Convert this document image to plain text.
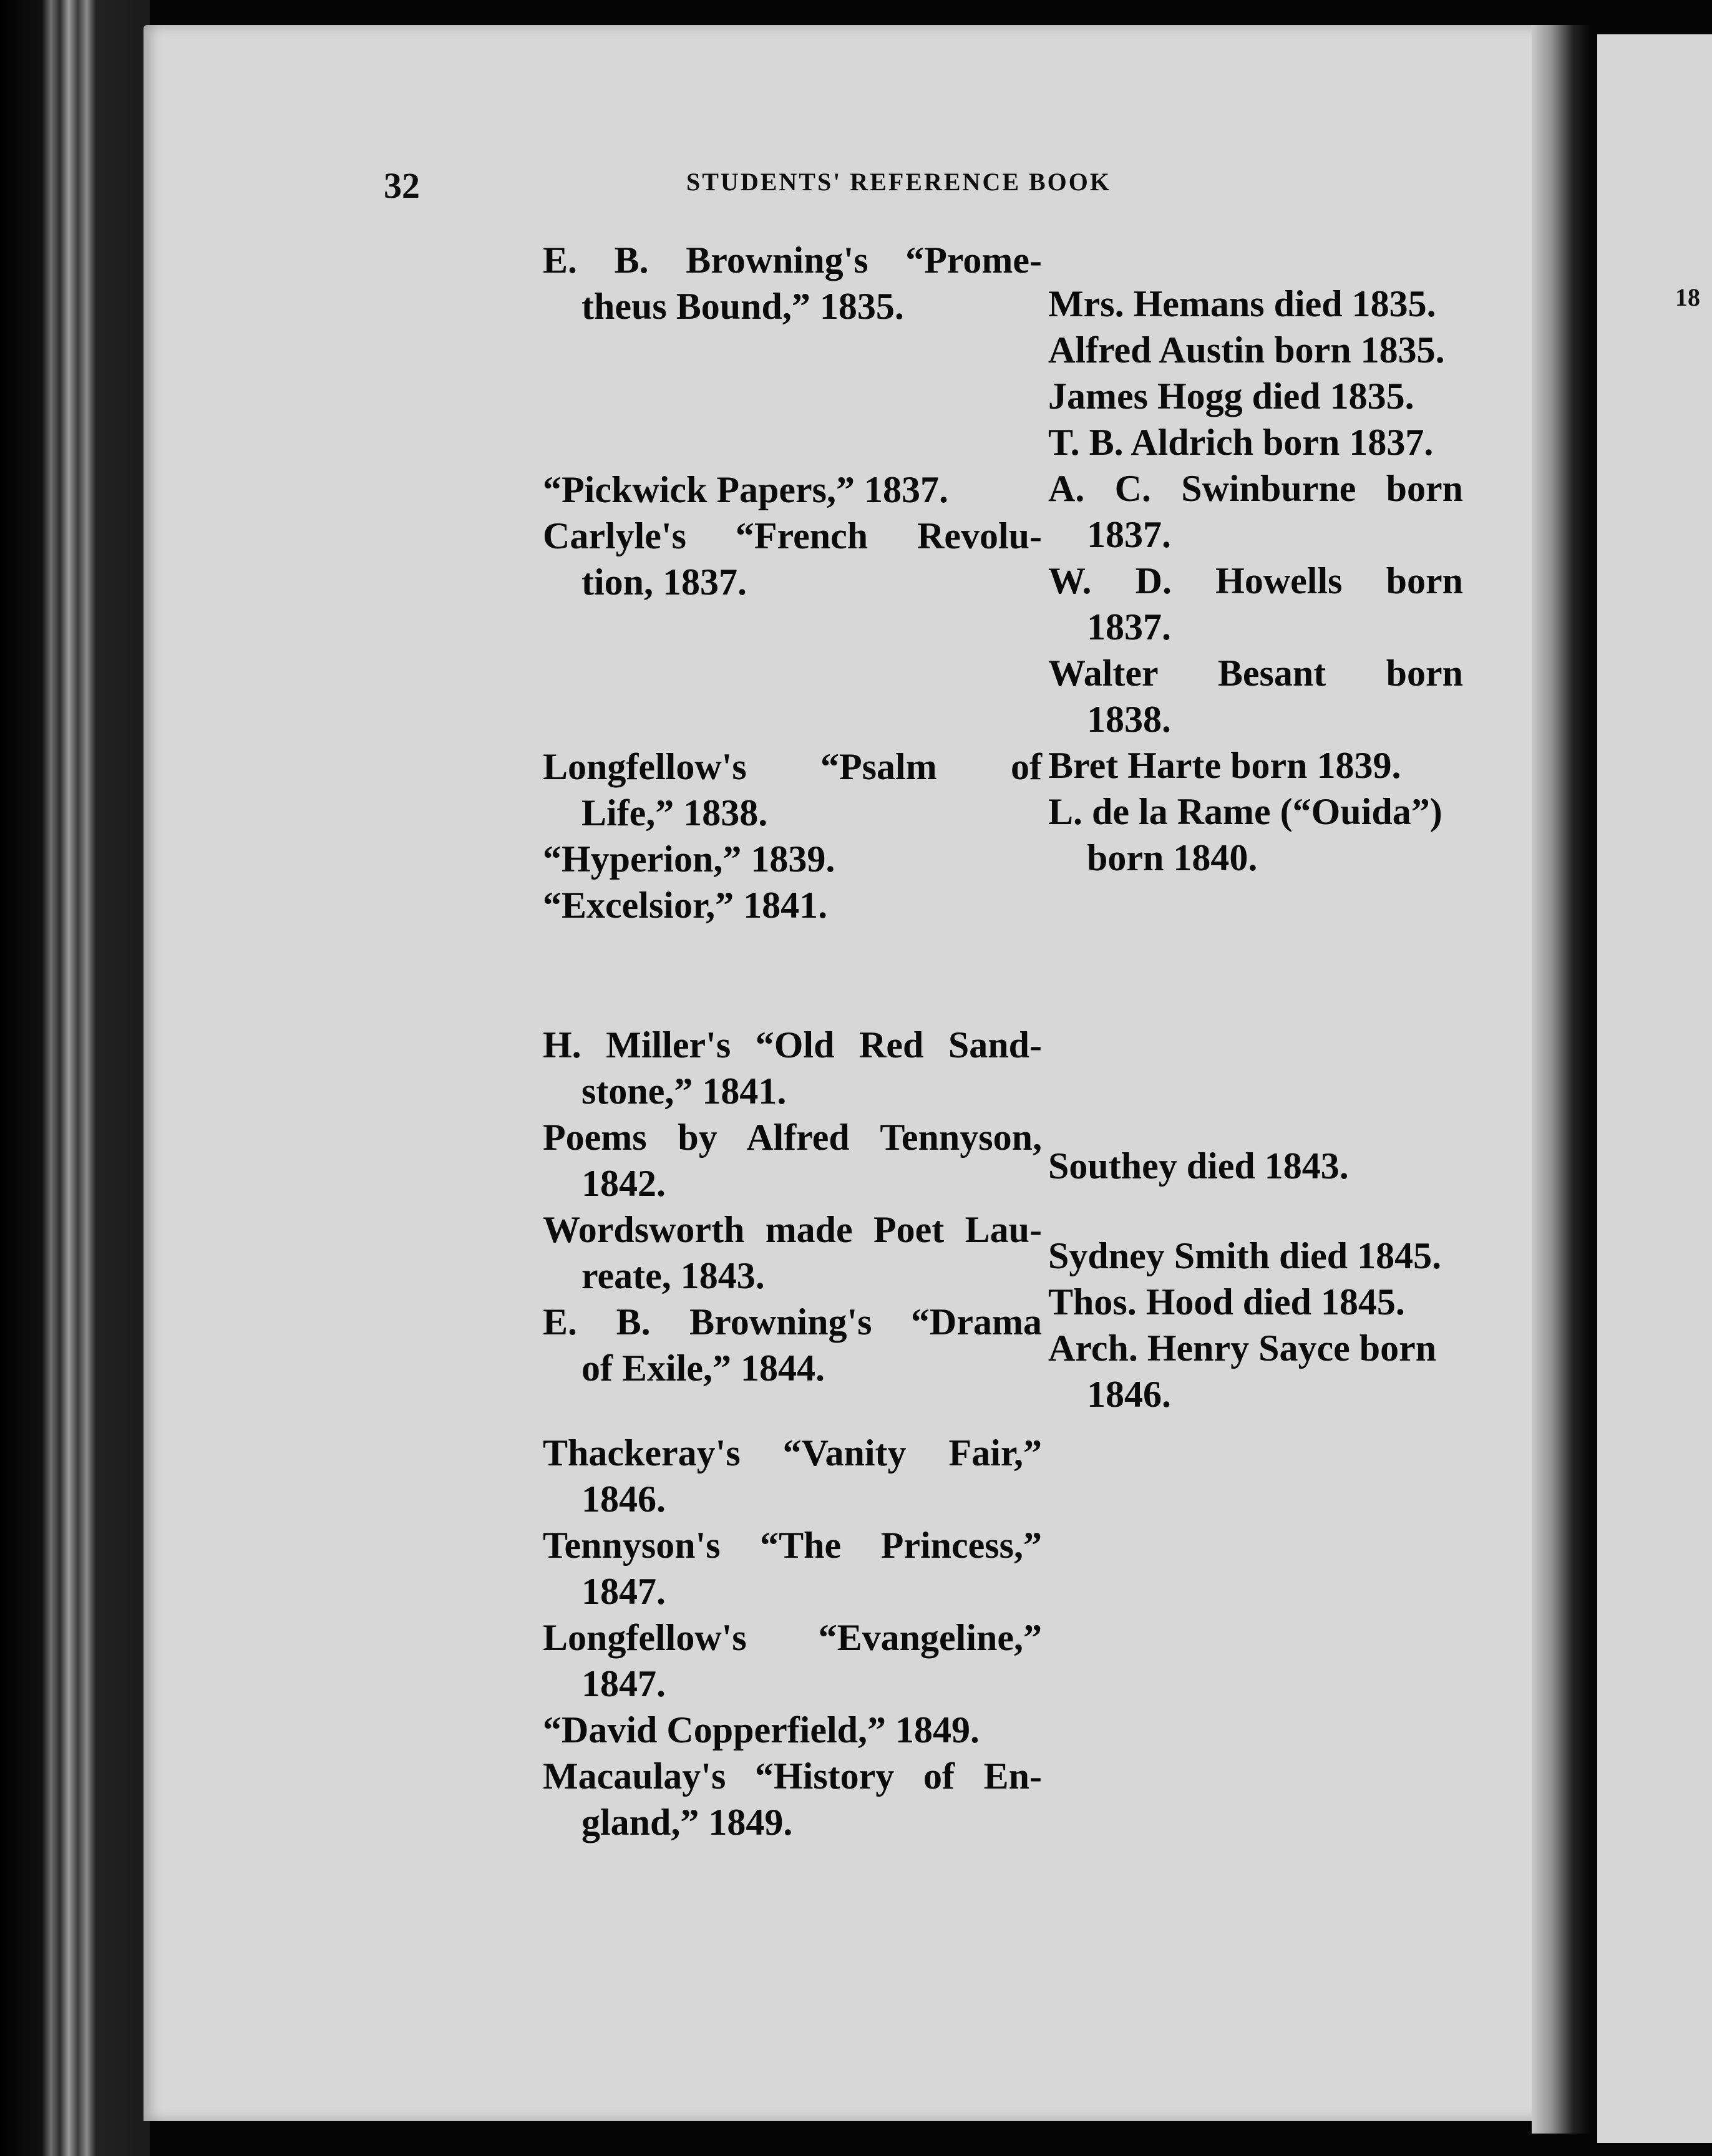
18
32	STUDENTS' REFERENCE BOOK
E. B. Browning's “Prome-
theus Bound,” 1835.
“Pickwick Papers,” 1837.
Carlyle's “French Revolu-
tion, 1837.
Longfellow's “Psalm of
Life,” 1838.
“Hyperion,” 1839.
“Excelsior,” 1841.
H. Miller's “Old Red Sand-
stone,” 1841.
Poems by Alfred Tennyson,
1842.
Wordsworth made Poet Lau-
reate, 1843.
E. B. Browning's “Drama
of Exile,” 1844.
Thackeray's “Vanity Fair,”
1846.
Tennyson's “The Princess,”
1847.
Longfellow's “Evangeline,”
1847.
“David Copperfield,” 1849.
Macaulay's “History of En-
gland,” 1849.
Mrs. Hemans died 1835.
Alfred Austin born 1835.
James Hogg died 1835.
T. B. Aldrich born 1837.
A. C. Swinburne born
1837.
W. D. Howells born
1837.
Walter Besant born
1838.
Bret Harte born 1839.
L. de la Rame (“Ouida”)
born 1840.
Southey died 1843.
Sydney Smith died 1845.
Thos. Hood died 1845.
Arch. Henry Sayce born
1846.
